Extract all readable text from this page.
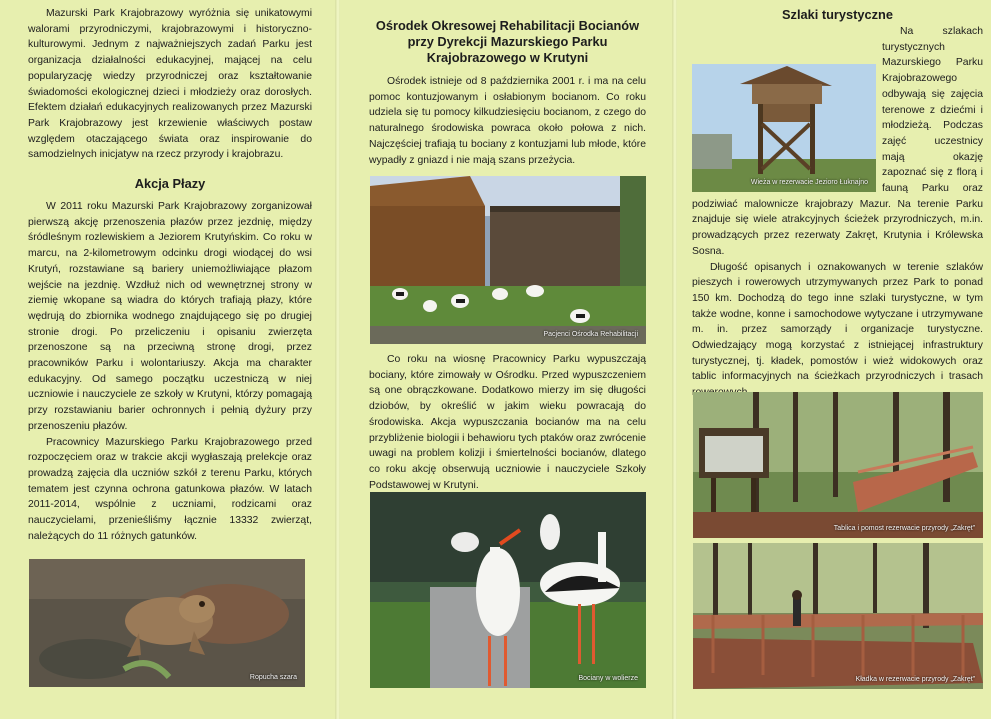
Mazurski Park Krajobrazowy wyróżnia się unikatowymi walorami przyrodniczymi, krajobrazowymi i historyczno-kulturowymi. Jednym z najważniejszych zadań Parku jest organizacja działalności edukacyjnej, mającej na celu popularyzację wiedzy przyrodniczej oraz kształtowanie świadomości ekologicznej dzieci i młodzieży oraz dorosłych. Efektem działań edukacyjnych realizowanych przez Mazurski Park Krajobrazowy jest krzewienie właściwych postaw względem otaczającego świata oraz inspirowanie do samodzielnych inicjatyw na rzecz przyrody i krajobrazu.

Akcja Płazy

W 2011 roku Mazurski Park Krajobrazowy zorganizował pierwszą akcję przenoszenia płazów przez jezdnię, między śródleśnym rozlewiskiem a Jeziorem Krutyńskim. Co roku w marcu, na 2-kilometrowym odcinku drogi wiodącej do wsi Krutyń, rozstawiane są bariery uniemożliwiające płazom wejście na jezdnię. Wzdłuż nich od wewnętrznej strony w ziemię wkopane są wiadra do których trafiają płazy, które wędrują do zbiornika wodnego znajdującego się po drugiej stronie drogi. Po przeliczeniu i opisaniu zwierzęta przenoszone są na przeciwną stronę drogi, przez pracowników Parku i wolontariuszy. Akcja ma charakter edukacyjny. Od samego początku uczestniczą w niej uczniowie i nauczyciele ze szkoły w Krutyni, którzy pomagają przy rozstawianiu barier ochronnych i pełnią dyżury przy przenoszeniu płazów.

Pracownicy Mazurskiego Parku Krajobrazowego przed rozpoczęciem oraz w trakcie akcji wygłaszają prelekcje oraz prowadzą zajęcia dla uczniów szkół z terenu Parku, których tematem jest czynna ochrona gatunkowa płazów. W latach 2011-2014, wspólnie z uczniami, rodzicami oraz nauczycielami, przenieśliśmy łącznie 13332 zwierząt, należących do 11 różnych gatunków.

Ropucha szara
Ośrodek Okresowej Rehabilitacji Bocianów przy Dyrekcji Mazurskiego Parku Krajobrazowego w Krutyni

Ośrodek istnieje od 8 października 2001 r. i ma na celu pomoc kontuzjowanym i osłabionym bocianom. Co roku udziela się tu pomocy kilkudziesięciu bocianom, z czego do naturalnego środowiska powraca około połowa z nich. Najczęściej trafiają tu bociany z kontuzjami lub młode, które wypadły z gniazd i nie mają szans przeżycia.

Pacjenci Ośrodka Rehabilitacji

Co roku na wiosnę Pracownicy Parku wypuszczają bociany, które zimowały w Ośrodku. Przed wypuszczeniem są one obrączkowane. Dodatkowo mierzy im się długości dziobów, by określić w jakim wieku powracają do środowiska. Akcja wypuszczania bocianów ma na celu przybliżenie biologii i behawioru tych ptaków oraz zwrócenie uwagi na problem kolizji i śmiertelności bocianów, dlatego co roku akcję obserwują uczniowie i nauczyciele Szkoły Podstawowej w Krutyni.

Bociany w wolierze
Szlaki turystyczne
Wieża w rezerwacie Jezioro Łuknajno

Na szlakach turystycznych Mazurskiego Parku Krajobrazowego odbywają się zajęcia terenowe z dziećmi i młodzieżą. Podczas zajęć uczestnicy mają okazję zapoznać się z florą i fauną Parku oraz podziwiać malownicze krajobrazy Mazur. Na terenie Parku znajduje się wiele atrakcyjnych ścieżek przyrodniczych, m.in. prowadzących przez rezerwaty Zakręt, Krutynia i Królewska Sosna.

Długość opisanych i oznakowanych w terenie szlaków pieszych i rowerowych utrzymywanych przez Park to ponad 150 km. Dochodzą do tego inne szlaki turystyczne, w tym także wodne, konne i samochodowe wytyczane i utrzymywane m. in. przez samorządy i organizacje turystyczne. Odwiedzający mogą korzystać z istniejącej infrastruktury turystycznej, tj. kładek, pomostów i wież widokowych oraz tablic informacyjnych na ścieżkach przyrodniczych i trasach

Tablica i pomost rezerwacie przyrody „Zakręt”
Kładka w rezerwacie przyrody „Zakręt”
